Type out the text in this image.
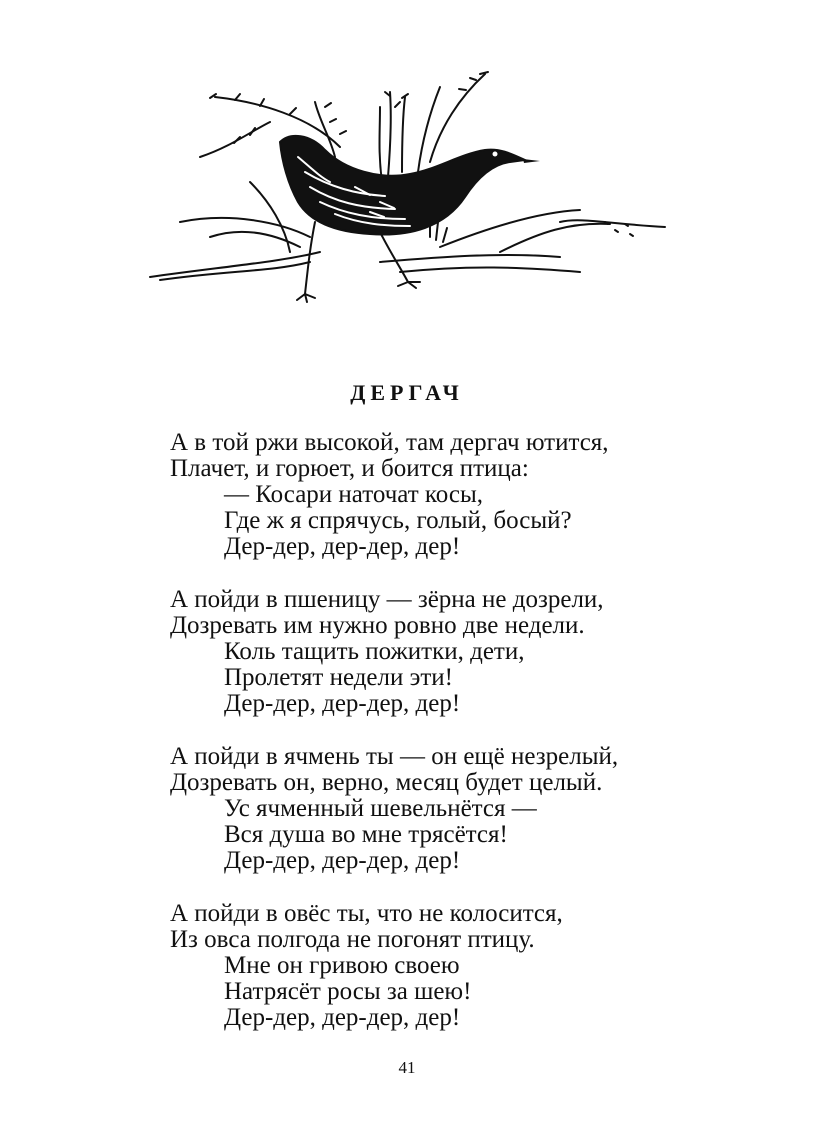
ДЕРГАЧ
А в той ржи высокой, там дергач ютится,
Плачет, и горюет, и боится птица:
— Косари наточат косы,
Где ж я спрячусь, голый, босый?
Дер-дер, дер-дер, дер!
А пойди в пшеницу — зёрна не дозрели,
Дозревать им нужно ровно две недели.
Коль тащить пожитки, дети,
Пролетят недели эти!
Дер-дер, дер-дер, дер!
А пойди в ячмень ты — он ещё незрелый,
Дозревать он, верно, месяц будет целый.
Ус ячменный шевельнётся —
Вся душа во мне трясётся!
Дер-дер, дер-дер, дер!
А пойди в овёс ты, что не колосится,
Из овса полгода не погонят птицу.
Мне он гривою своею
Натрясёт росы за шею!
Дер-дер, дер-дер, дер!
41
